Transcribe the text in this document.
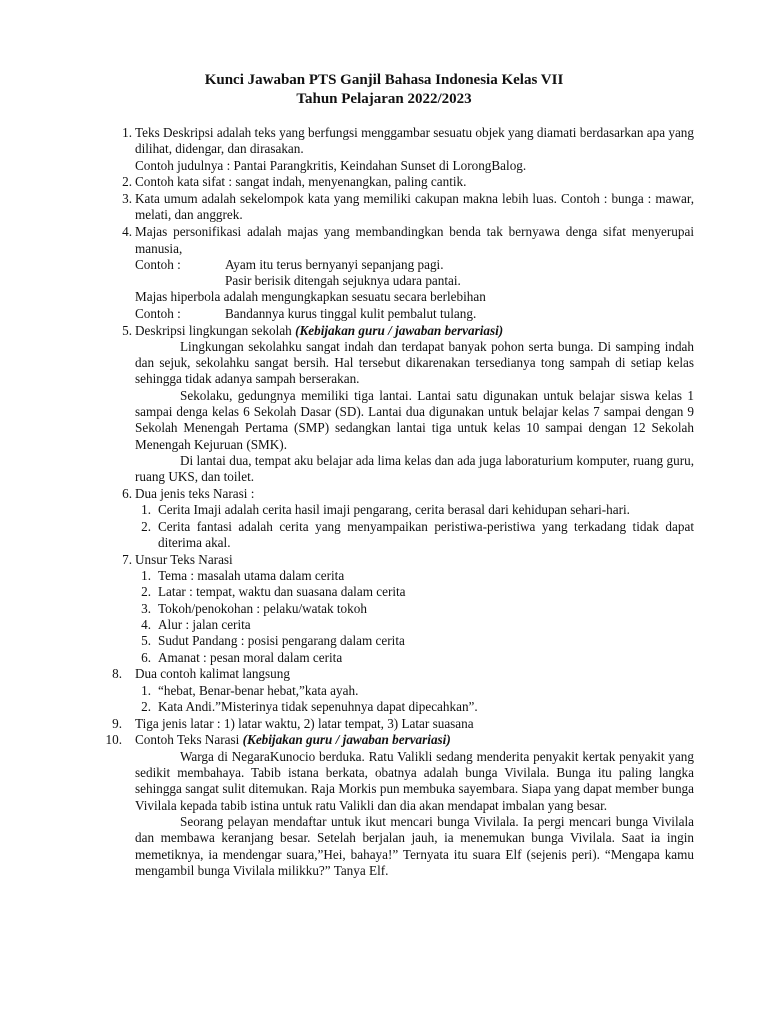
Kunci Jawaban PTS Ganjil Bahasa Indonesia Kelas VII
Tahun Pelajaran 2022/2023
1. Teks Deskripsi adalah teks yang berfungsi menggambar sesuatu objek yang diamati berdasarkan apa yang dilihat, didengar, dan dirasakan.
Contoh judulnya : Pantai Parangkritis, Keindahan Sunset di LorongBalog.
2. Contoh kata sifat : sangat indah, menyenangkan, paling cantik.
3. Kata umum adalah sekelompok kata yang memiliki cakupan makna lebih luas. Contoh : bunga : mawar, melati, dan anggrek.
4. Majas personifikasi adalah majas yang membandingkan benda tak bernyawa denga sifat menyerupai manusia,
Contoh :	Ayam itu terus bernyanyi sepanjang pagi.
Pasir berisik ditengah sejuknya udara pantai.
Majas hiperbola adalah mengungkapkan sesuatu secara berlebihan
Contoh :	Bandannya kurus tinggal kulit pembalut tulang.
5. Deskripsi lingkungan sekolah (Kebijakan guru / jawaban bervariasi)
Lingkungan sekolahku sangat indah dan terdapat banyak pohon serta bunga. Di samping indah dan sejuk, sekolahku sangat bersih. Hal tersebut dikarenakan tersedianya tong sampah di setiap kelas sehingga tidak adanya sampah berserakan.
Sekolaku, gedungnya memiliki tiga lantai. Lantai satu digunakan untuk belajar siswa kelas 1 sampai denga kelas 6 Sekolah Dasar (SD). Lantai dua digunakan untuk belajar kelas 7 sampai dengan 9 Sekolah Menengah Pertama (SMP) sedangkan lantai tiga untuk kelas 10 sampai dengan 12 Sekolah Menengah Kejuruan (SMK).
Di lantai dua, tempat aku belajar ada lima kelas dan ada juga laboraturium komputer, ruang guru, ruang UKS, dan toilet.
6. Dua jenis teks Narasi :
1. Cerita Imaji adalah cerita hasil imaji pengarang, cerita berasal dari kehidupan sehari-hari.
2. Cerita fantasi adalah cerita yang menyampaikan peristiwa-peristiwa yang terkadang tidak dapat diterima akal.
7. Unsur Teks Narasi
1. Tema : masalah utama dalam cerita
2. Latar : tempat, waktu dan suasana dalam cerita
3. Tokoh/penokohan : pelaku/watak tokoh
4. Alur : jalan cerita
5. Sudut Pandang : posisi pengarang dalam cerita
6. Amanat : pesan moral dalam cerita
8. Dua contoh kalimat langsung
1. “hebat, Benar-benar hebat,”kata ayah.
2. Kata Andi.”Misterinya tidak sepenuhnya dapat dipecahkan”.
9. Tiga jenis latar : 1) latar waktu, 2) latar tempat, 3) Latar suasana
10. Contoh Teks Narasi (Kebijakan guru / jawaban bervariasi)
Warga di NegaraKunocio berduka. Ratu Valikli sedang menderita penyakit kertak penyakit yang sedikit membahaya. Tabib istana berkata, obatnya adalah bunga Vivilala. Bunga itu paling langka sehingga sangat sulit ditemukan. Raja Morkis pun membuka sayembara. Siapa yang dapat member bunga Vivilala kepada tabib istina untuk ratu Valikli dan dia akan mendapat imbalan yang besar.
Seorang pelayan mendaftar untuk ikut mencari bunga Vivilala. Ia pergi mencari bunga Vivilala dan membawa keranjang besar. Setelah berjalan jauh, ia menemukan bunga Vivilala. Saat ia ingin memetiknya, ia mendengar suara,”Hei, bahaya!” Ternyata itu suara Elf (sejenis peri). “Mengapa kamu mengambil bunga Vivilala milikku?” Tanya Elf.
